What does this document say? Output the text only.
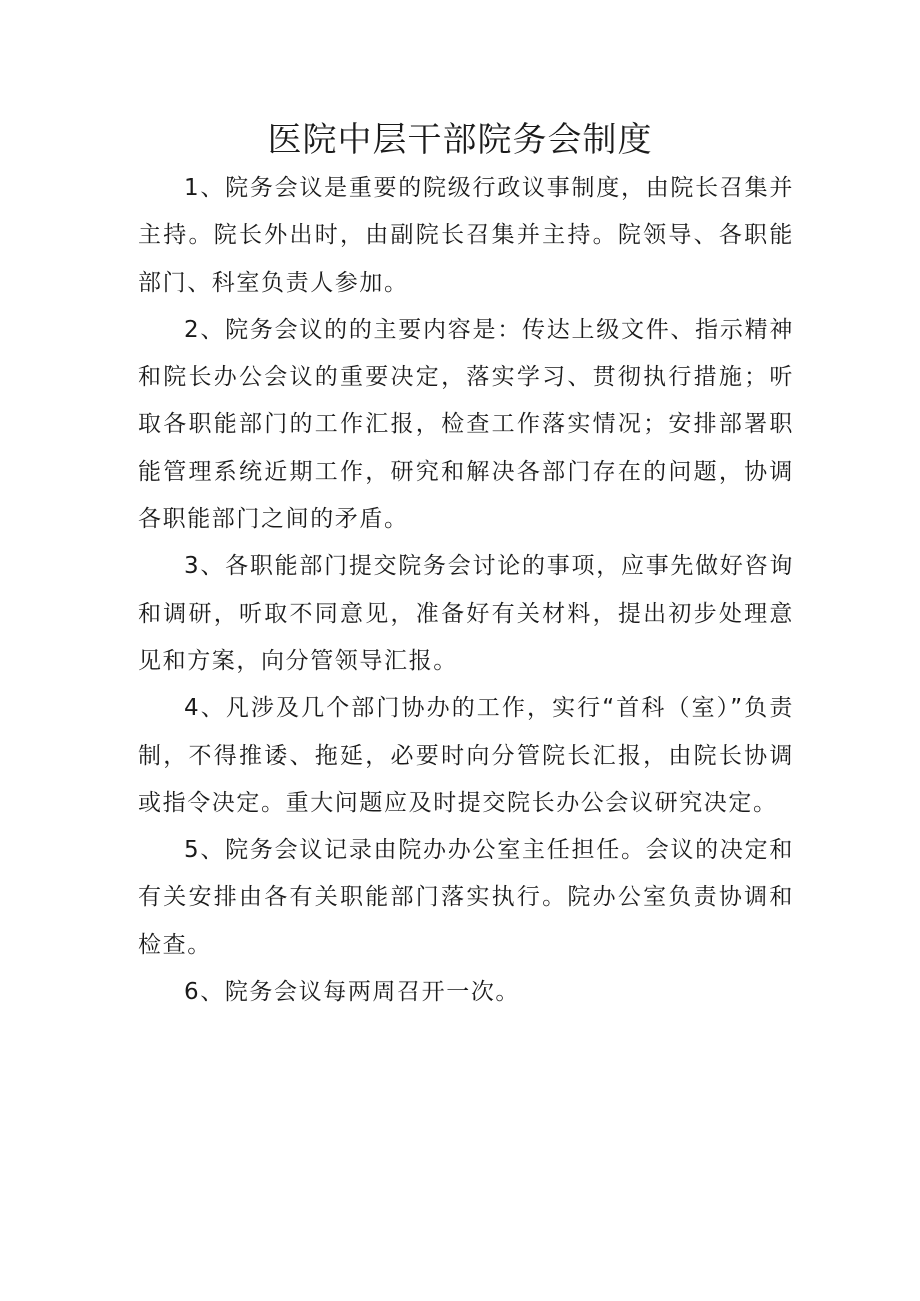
医院中层干部院务会制度

1、院务会议是重要的院级行政议事制度，由院长召集并主持。院长外出时，由副院长召集并主持。院领导、各职能部门、科室负责人参加。

2、院务会议的的主要内容是：传达上级文件、指示精神和院长办公会议的重要决定，落实学习、贯彻执行措施；听取各职能部门的工作汇报，检查工作落实情况；安排部署职能管理系统近期工作，研究和解决各部门存在的问题，协调各职能部门之间的矛盾。

3、各职能部门提交院务会讨论的事项，应事先做好咨询和调研，听取不同意见，准备好有关材料，提出初步处理意见和方案，向分管领导汇报。

4、凡涉及几个部门协办的工作，实行“首科（室）”负责制，不得推诿、拖延，必要时向分管院长汇报，由院长协调或指令决定。重大问题应及时提交院长办公会议研究决定。

5、院务会议记录由院办办公室主任担任。会议的决定和有关安排由各有关职能部门落实执行。院办公室负责协调和检查。

6、院务会议每两周召开一次。
